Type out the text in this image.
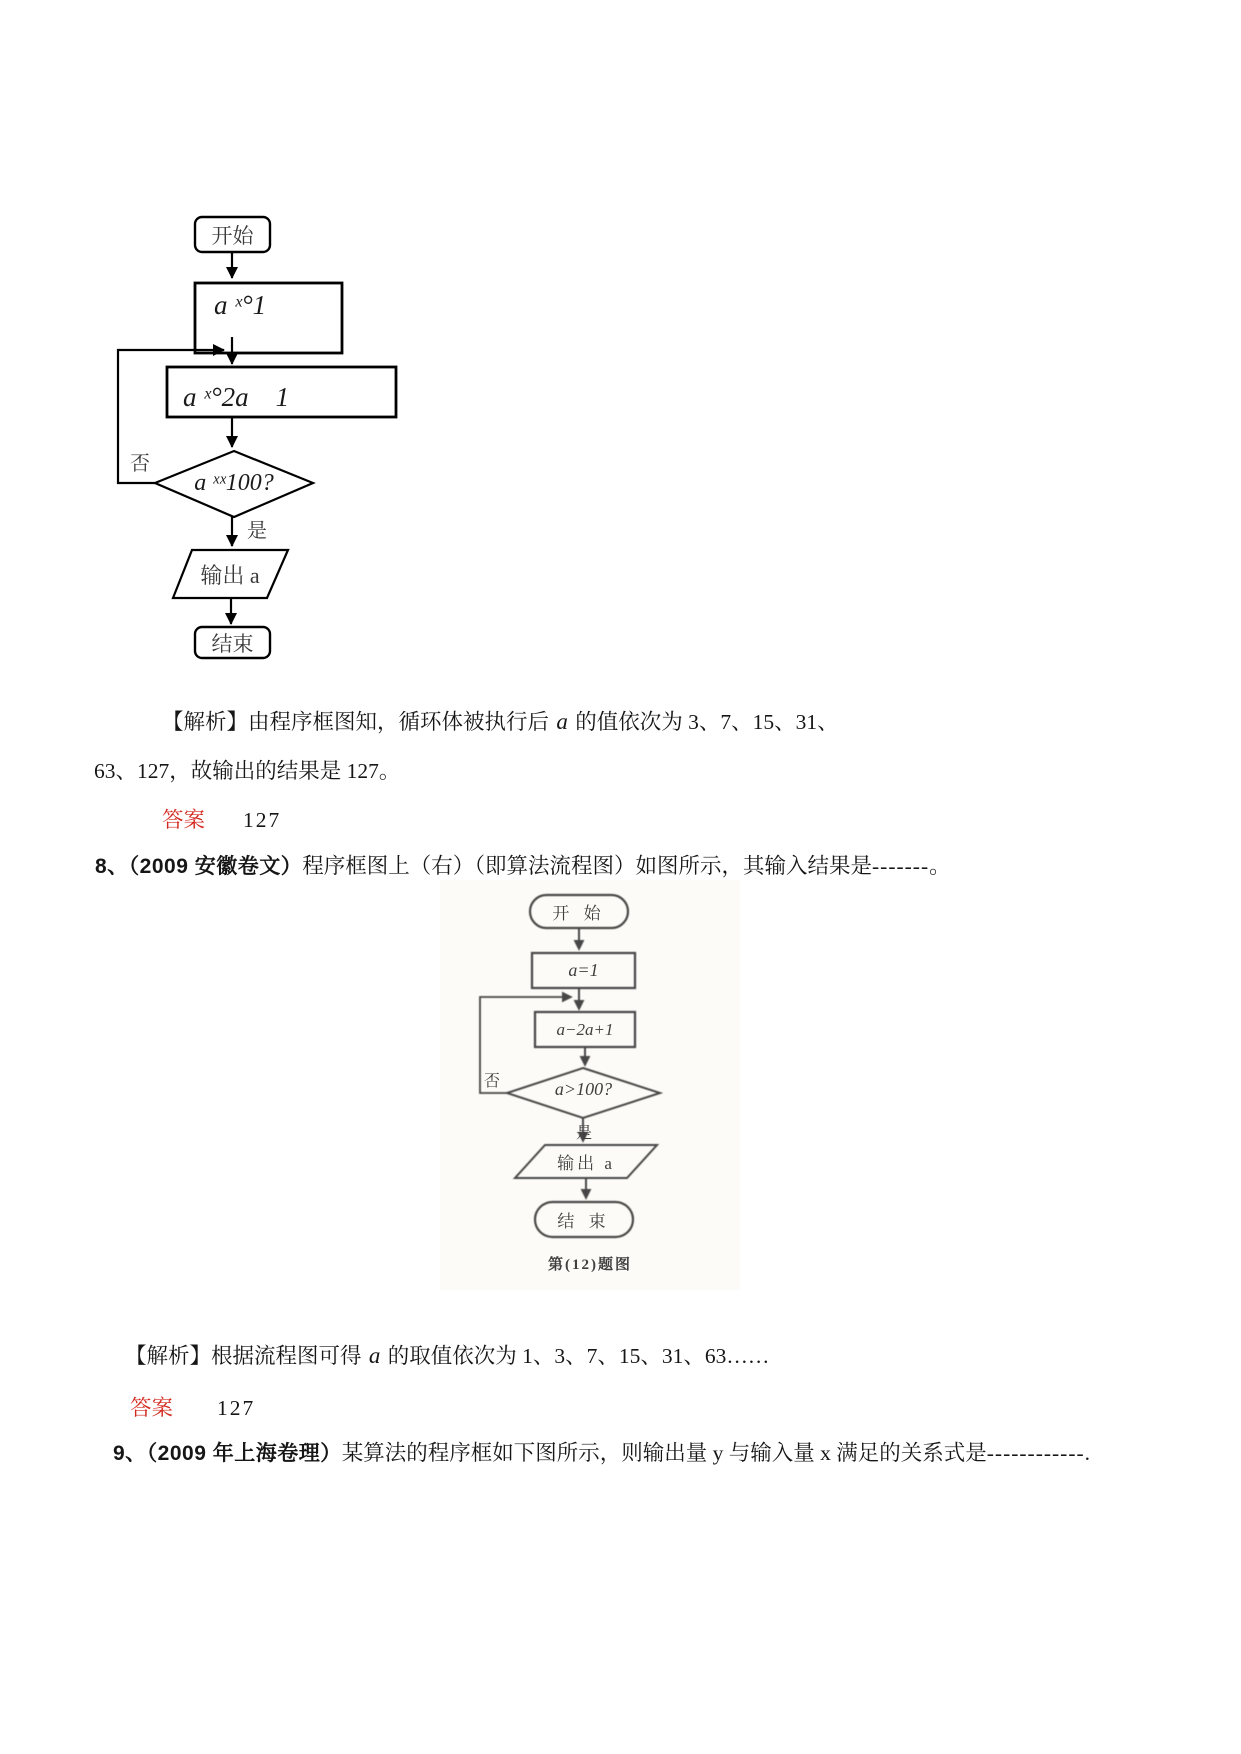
开始
a ˣ°1
a ˣ°2a　1
否
a ˣˣ100?
是
输出 a
结束
【解析】由程序框图知，循环体被执行后 a 的值依次为 3、7、15、31、
63、127，故输出的结果是 127。
答案 127
8、（2009 安徽卷文）程序框图上（右）（即算法流程图）如图所示，其输入结果是-------。
开 始
a=1
否
a−2a+1
a>100?
是
输出 a
结 束
第(12)题图
【解析】根据流程图可得 a 的取值依次为 1、3、7、15、31、63……
答案 127
9、（2009 年上海卷理）某算法的程序框如下图所示，则输出量 y 与输入量 x 满足的关系式是------------.
